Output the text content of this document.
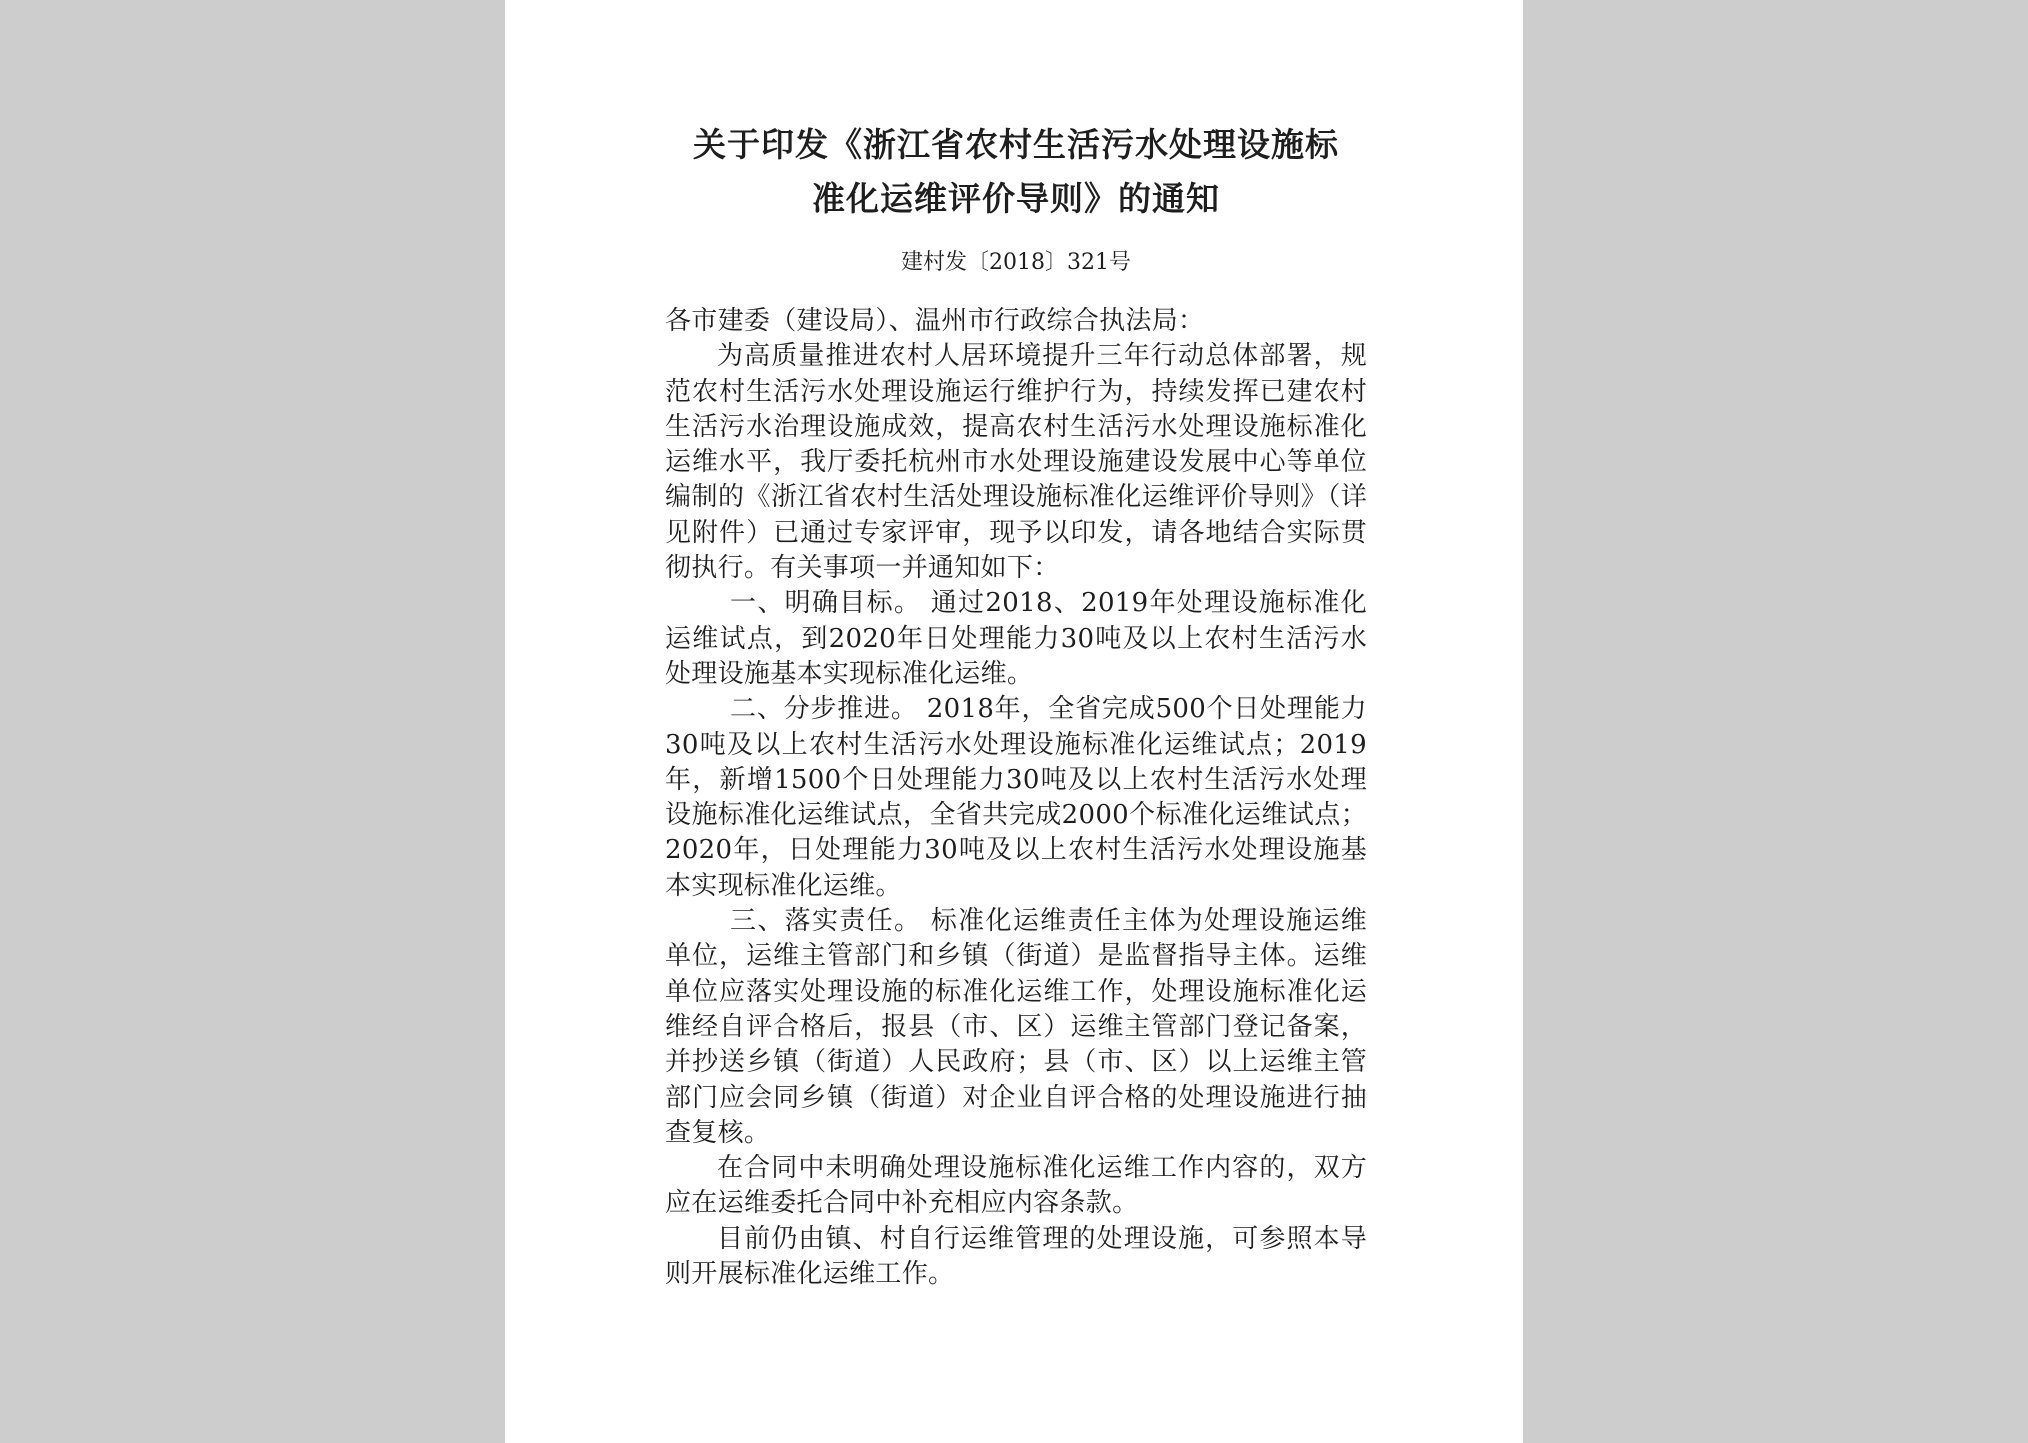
关于印发《浙江省农村生活污水处理设施标
准化运维评价导则》的通知
建村发〔2018〕321号

各市建委（建设局）、温州市行政综合执法局：

为高质量推进农村人居环境提升三年行动总体部署，规范农村生活污水处理设施运行维护行为，持续发挥已建农村生活污水治理设施成效，提高农村生活污水处理设施标准化运维水平，我厅委托杭州市水处理设施建设发展中心等单位编制的《浙江省农村生活处理设施标准化运维评价导则》（详见附件）已通过专家评审，现予以印发，请各地结合实际贯彻执行。有关事项一并通知如下：

一、明确目标。 通过2018、2019年处理设施标准化运维试点，到2020年日处理能力30吨及以上农村生活污水处理设施基本实现标准化运维。

二、分步推进。 2018年，全省完成500个日处理能力30吨及以上农村生活污水处理设施标准化运维试点；2019年，新增1500个日处理能力30吨及以上农村生活污水处理设施标准化运维试点，全省共完成2000个标准化运维试点；2020年，日处理能力30吨及以上农村生活污水处理设施基本实现标准化运维。

三、落实责任。 标准化运维责任主体为处理设施运维单位，运维主管部门和乡镇（街道）是监督指导主体。运维单位应落实处理设施的标准化运维工作，处理设施标准化运维经自评合格后，报县（市、区）运维主管部门登记备案，并抄送乡镇（街道）人民政府；县（市、区）以上运维主管部门应会同乡镇（街道）对企业自评合格的处理设施进行抽查复核。

在合同中未明确处理设施标准化运维工作内容的，双方应在运维委托合同中补充相应内容条款。

目前仍由镇、村自行运维管理的处理设施，可参照本导则开展标准化运维工作。
